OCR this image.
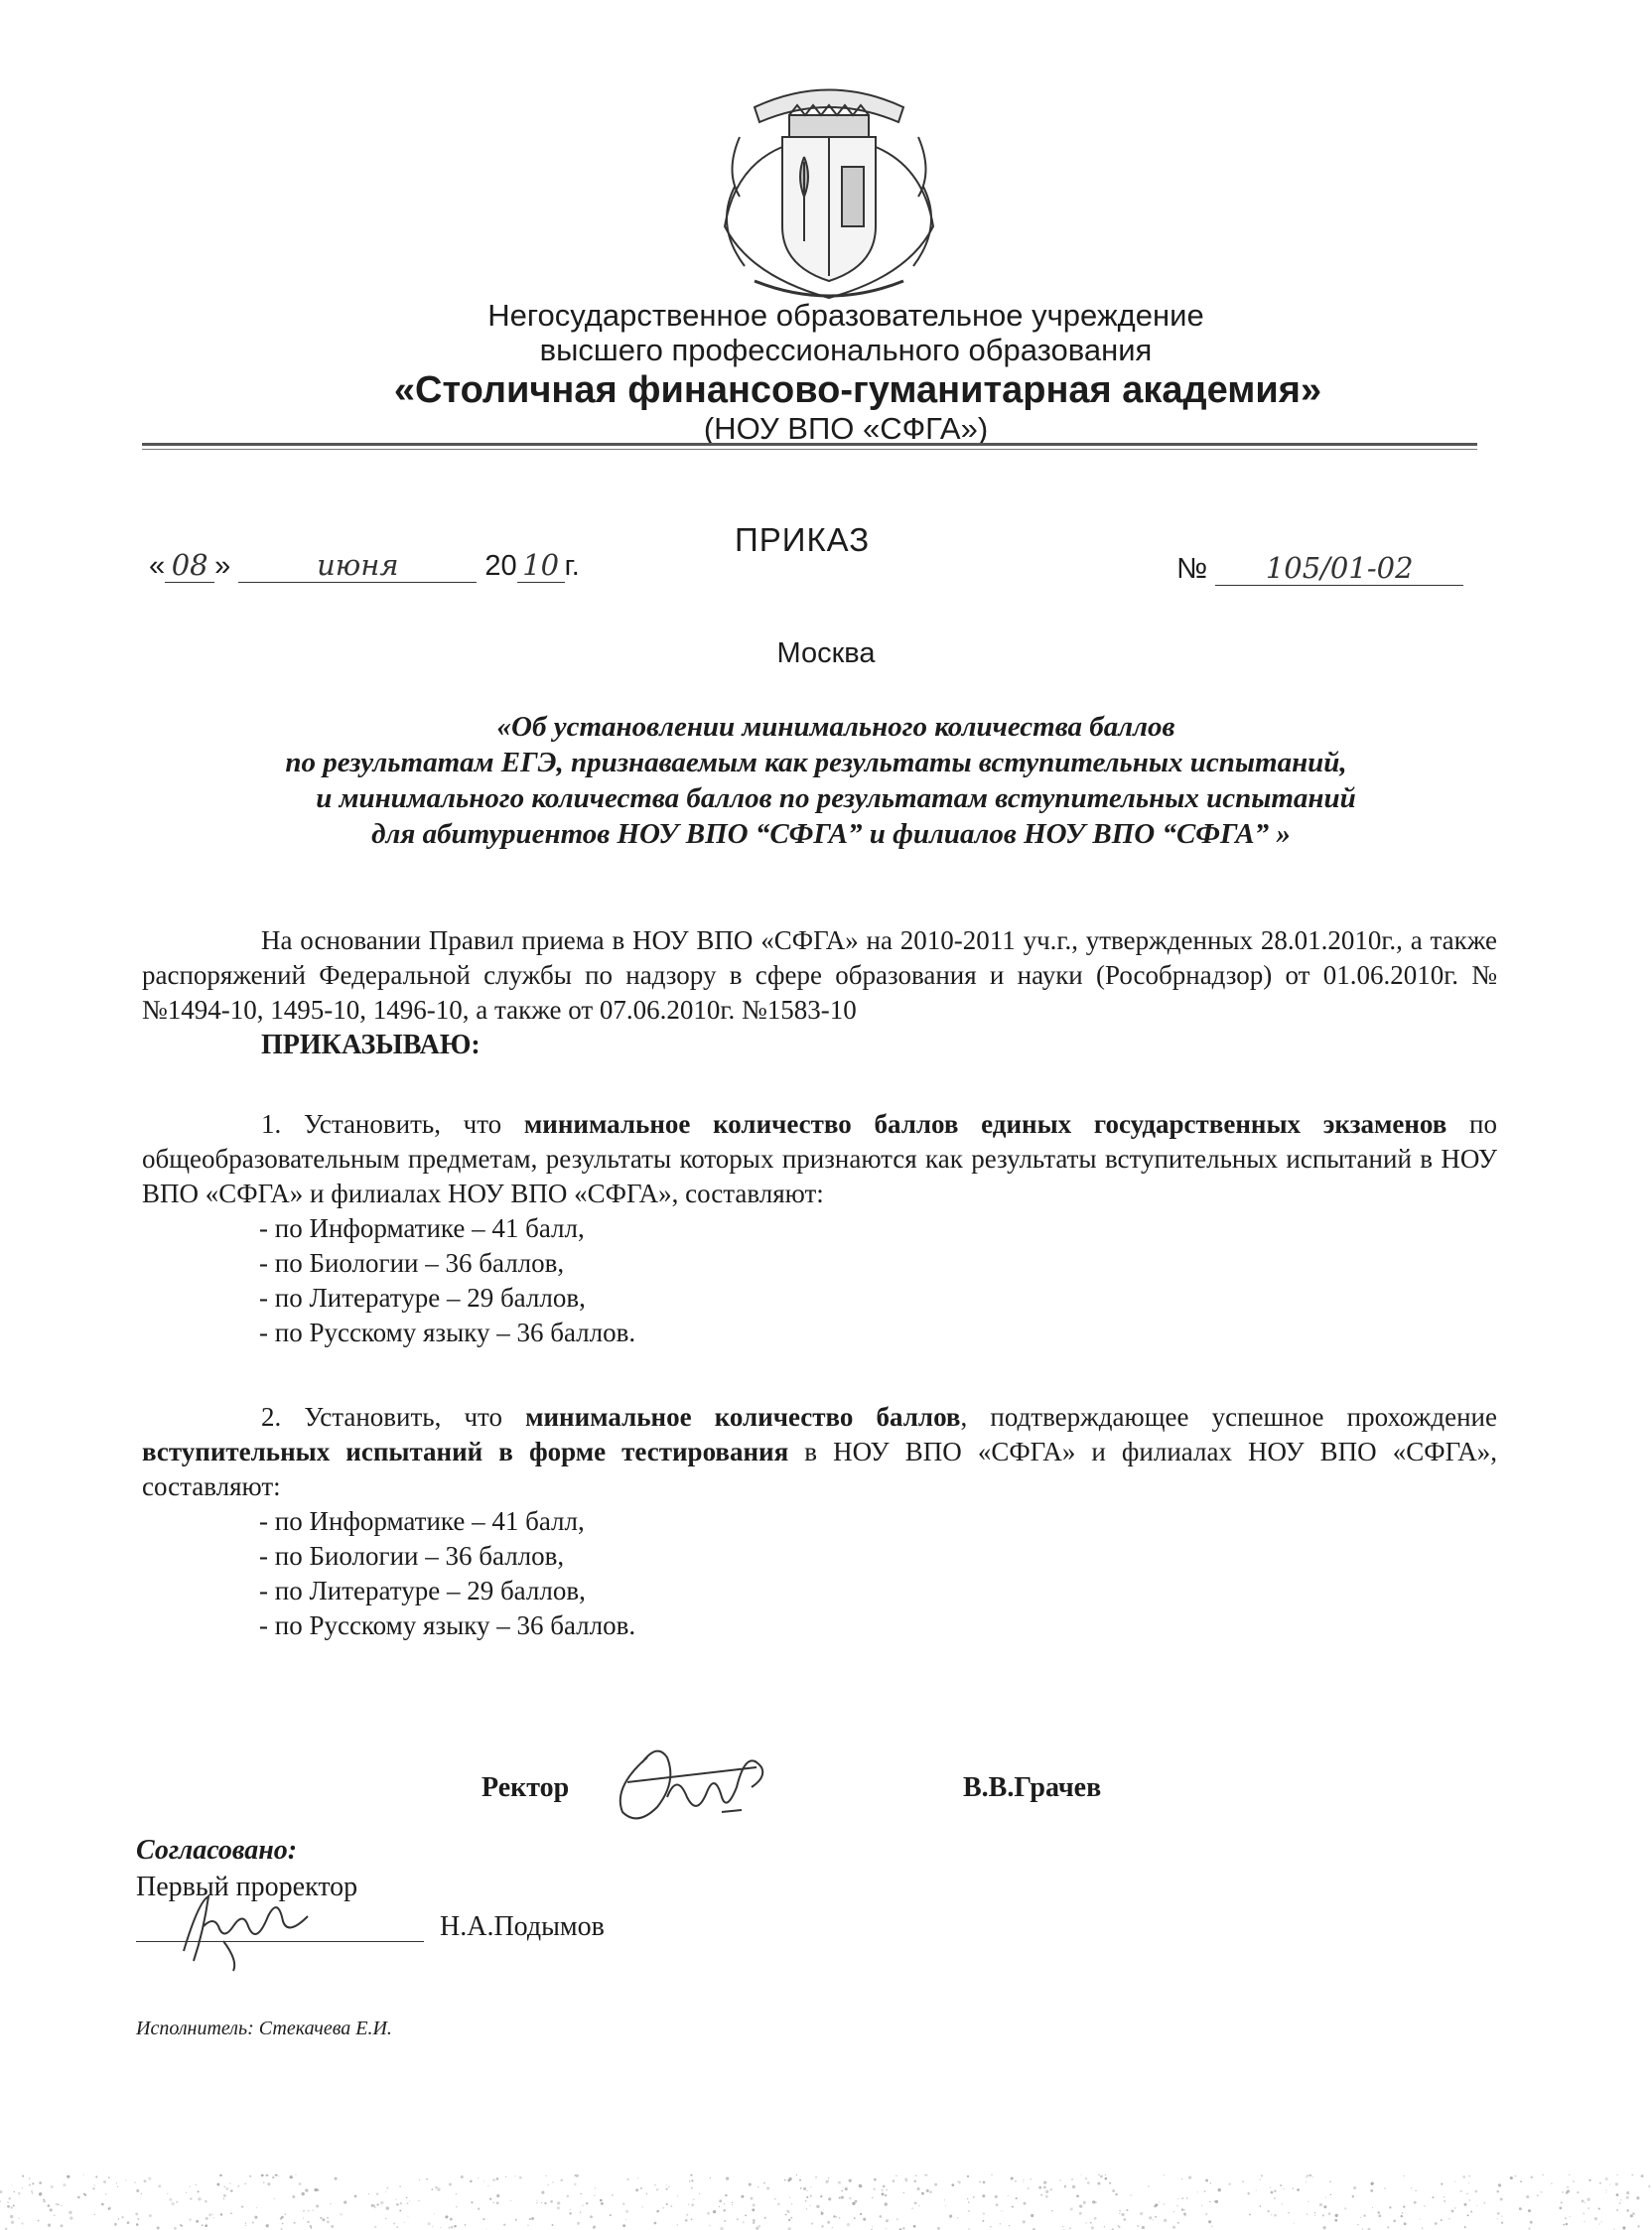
Негосударственное образовательное учреждение
высшего профессионального образования
«Столичная финансово-гуманитарная академия»
(НОУ ВПО «СФГА»)
ПРИКАЗ
« 08 »	июня	20 10 г.	№ 105/01-02
Москва
«Об установлении минимального количества баллов
по результатам ЕГЭ, признаваемым как результаты вступительных испытаний,
и минимального количества баллов по результатам вступительных испытаний
для абитуриентов НОУ ВПО “СФГА” и филиалов НОУ ВПО “СФГА” »
На основании Правил приема в НОУ ВПО «СФГА» на 2010-2011 уч.г., утвержденных 28.01.2010г., а также распоряжений Федеральной службы по надзору в сфере образования и науки (Рособрнадзор) от 01.06.2010г. №№1494-10, 1495-10, 1496-10, а также от 07.06.2010г. №1583-10
ПРИКАЗЫВАЮ:
1. Установить, что минимальное количество баллов единых государственных экзаменов по общеобразовательным предметам, результаты которых признаются как результаты вступительных испытаний в НОУ ВПО «СФГА» и филиалах НОУ ВПО «СФГА», составляют:
- по Информатике – 41 балл,
- по Биологии – 36 баллов,
- по Литературе – 29 баллов,
- по Русскому языку – 36 баллов.
2. Установить, что минимальное количество баллов, подтверждающее успешное прохождение вступительных испытаний в форме тестирования в НОУ ВПО «СФГА» и филиалах НОУ ВПО «СФГА», составляют:
- по Информатике – 41 балл,
- по Биологии – 36 баллов,
- по Литературе – 29 баллов,
- по Русскому языку – 36 баллов.
Ректор	В.В.Грачев
Согласовано:
Первый проректор
Н.А.Подымов
Исполнитель: Стекачева Е.И.
